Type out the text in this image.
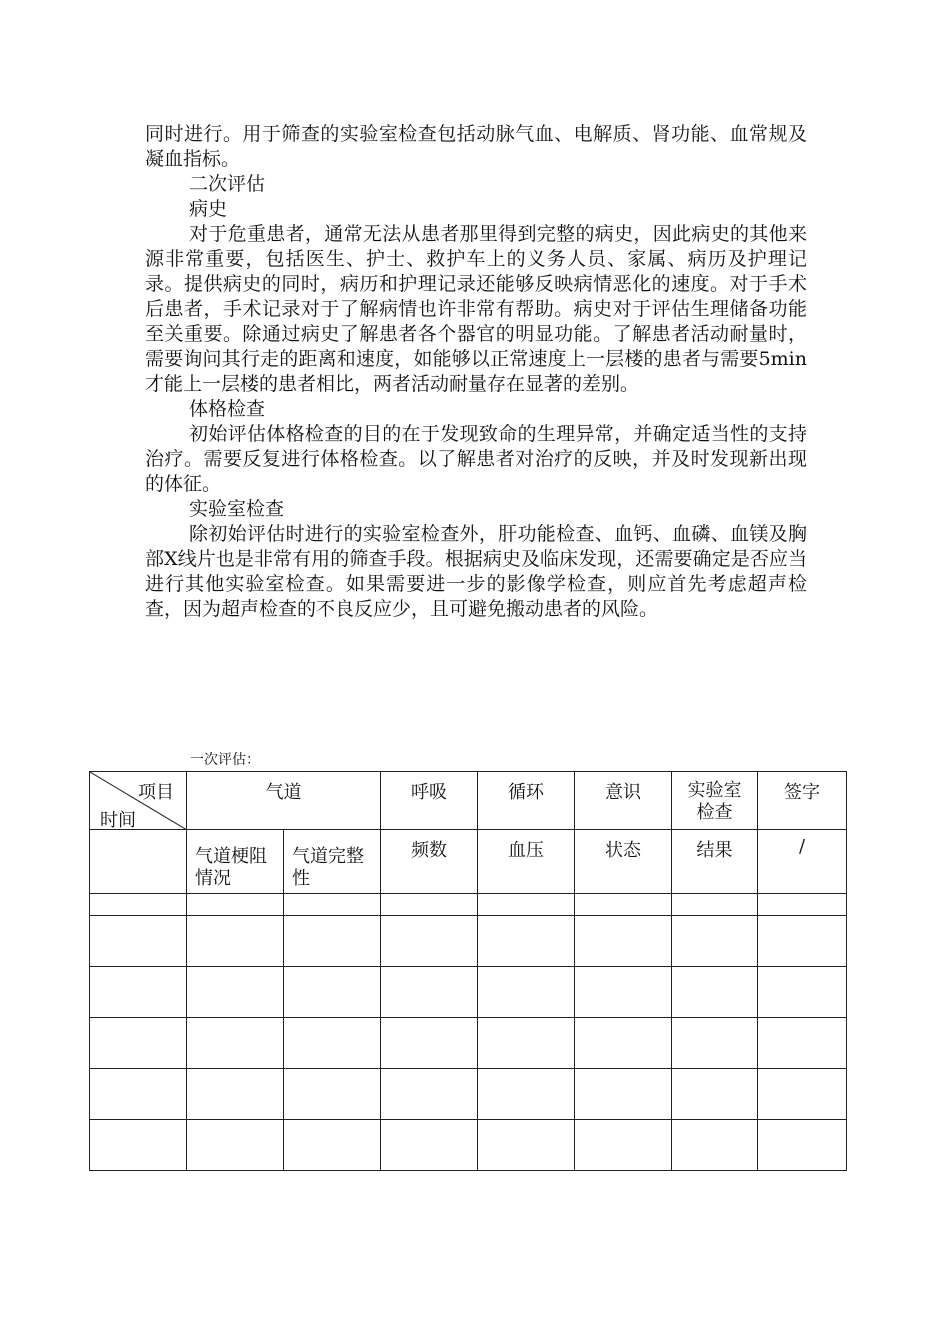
同时进行。用于筛查的实验室检查包括动脉气血、电解质、肾功能、血常规及凝血指标。

二次评估

病史

对于危重患者，通常无法从患者那里得到完整的病史，因此病史的其他来源非常重要，包括医生、护士、救护车上的义务人员、家属、病历及护理记录。提供病史的同时，病历和护理记录还能够反映病情恶化的速度。对于手术后患者，手术记录对于了解病情也许非常有帮助。病史对于评估生理储备功能至关重要。除通过病史了解患者各个器官的明显功能。了解患者活动耐量时，需要询问其行走的距离和速度，如能够以正常速度上一层楼的患者与需要5min才能上一层楼的患者相比，两者活动耐量存在显著的差别。

体格检查

初始评估体格检查的目的在于发现致命的生理异常，并确定适当性的支持治疗。需要反复进行体格检查。以了解患者对治疗的反映，并及时发现新出现的体征。

实验室检查

除初始评估时进行的实验室检查外，肝功能检查、血钙、血磷、血镁及胸部X线片也是非常有用的筛查手段。根据病史及临床发现，还需要确定是否应当进行其他实验室检查。如果需要进一步的影像学检查，则应首先考虑超声检查，因为超声检查的不良反应少，且可避免搬动患者的风险。

一次评估：
项目
时间	气道		呼吸	循环	意识	实验室检查	签字
	气道梗阻情况	气道完整性	频数	血压	状态	结果	/
